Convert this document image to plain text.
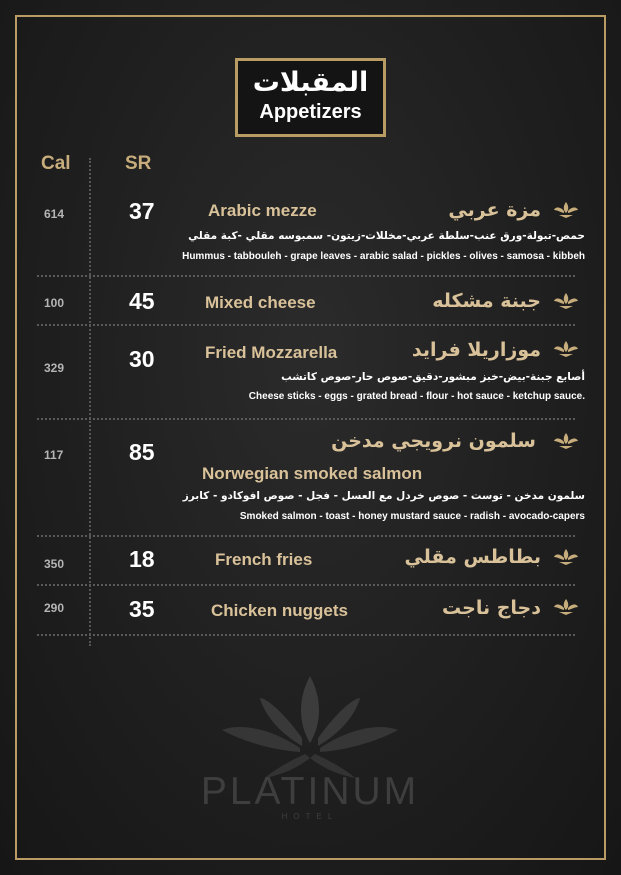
المقبلات
Appetizers
Cal	SR
614	37	Arabic mezze	مزة عربي
حمص-تبولة-ورق عنب-سلطة عربي-مخللات-زيتون- سمبوسه مقلي -كبة مقلي
Hummus - tabbouleh - grape leaves - arabic salad - pickles - olives - samosa - kibbeh
100	45	Mixed cheese	جبنة مشكله
329	30	Fried Mozzarella	موزاريلا فرايد
أصابع جبنة-بيض-خبز مبشور-دقيق-صوص حار-صوص كاتشب
Cheese sticks - eggs - grated bread - flour - hot sauce - ketchup sauce.
117	85	سلمون نرويجي مدخن
Norwegian smoked salmon
سلمون مدخن - توست - صوص خردل مع العسل - فجل - صوص افوكادو - كابرز
Smoked salmon - toast - honey mustard sauce - radish - avocado-capers
350	18	French fries	بطاطس مقلي
290	35	Chicken nuggets	دجاج ناجت
PLATINUM
HOTEL
